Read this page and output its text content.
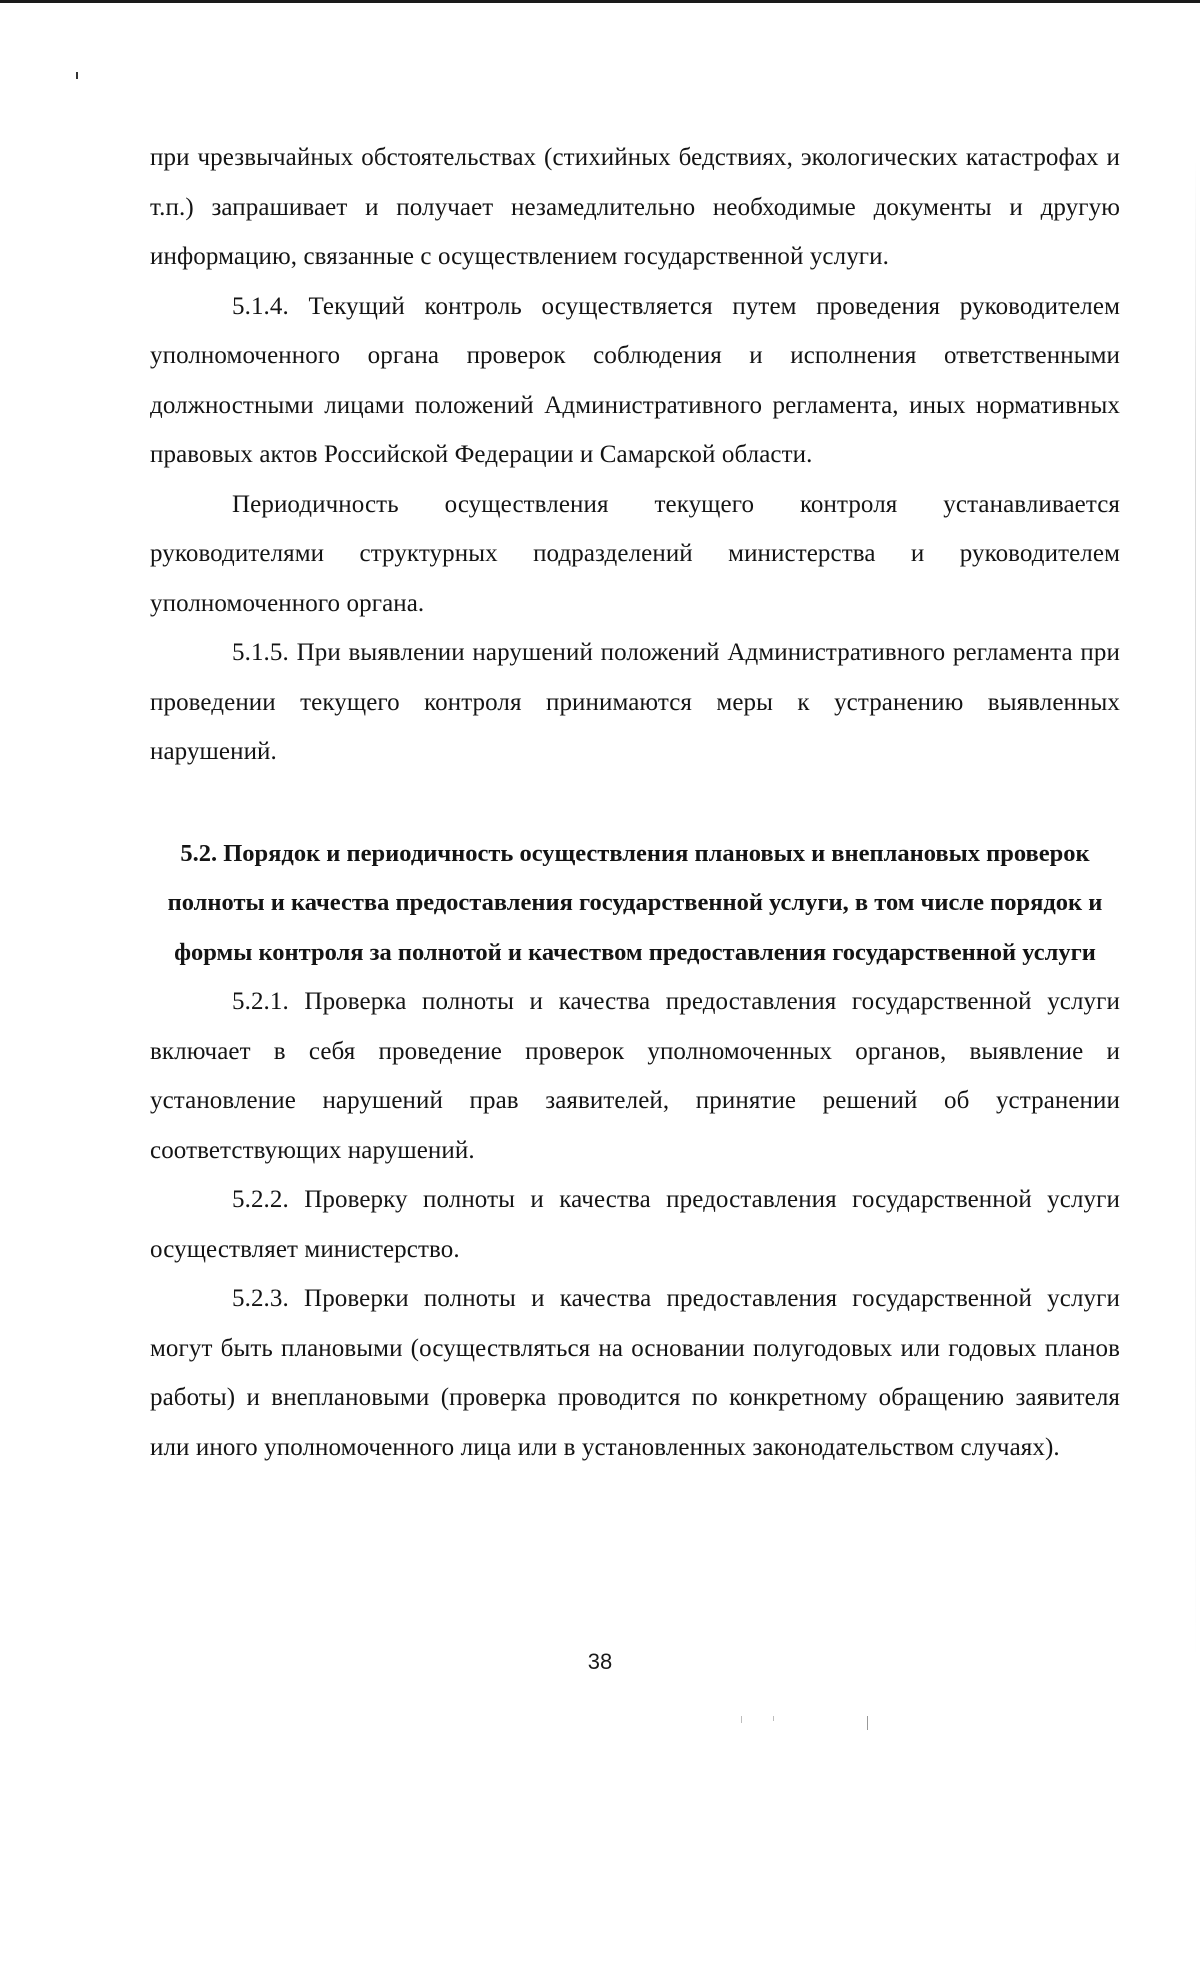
при чрезвычайных обстоятельствах (стихийных бедствиях, экологических катастрофах и т.п.) запрашивает и получает незамедлительно необходимые документы и другую информацию, связанные с осуществлением государственной услуги.

5.1.4. Текущий контроль осуществляется путем проведения руководителем уполномоченного органа проверок соблюдения и исполнения ответственными должностными лицами положений Административного регламента, иных нормативных правовых актов Российской Федерации и Самарской области.

Периодичность осуществления текущего контроля устанавливается руководителями структурных подразделений министерства и руководителем уполномоченного органа.

5.1.5. При выявлении нарушений положений Административного регламента при проведении текущего контроля принимаются меры к устранению выявленных нарушений.

5.2. Порядок и периодичность осуществления плановых и внеплановых проверок полноты и качества предоставления государственной услуги, в том числе порядок и формы контроля за полнотой и качеством предоставления государственной услуги

5.2.1. Проверка полноты и качества предоставления государственной услуги включает в себя проведение проверок уполномоченных органов, выявление и установление нарушений прав заявителей, принятие решений об устранении соответствующих нарушений.

5.2.2. Проверку полноты и качества предоставления государственной услуги осуществляет министерство.

5.2.3. Проверки полноты и качества предоставления государственной услуги могут быть плановыми (осуществляться на основании полугодовых или годовых планов работы) и внеплановыми (проверка проводится по конкретному обращению заявителя или иного уполномоченного лица или в установленных законодательством случаях).

38
